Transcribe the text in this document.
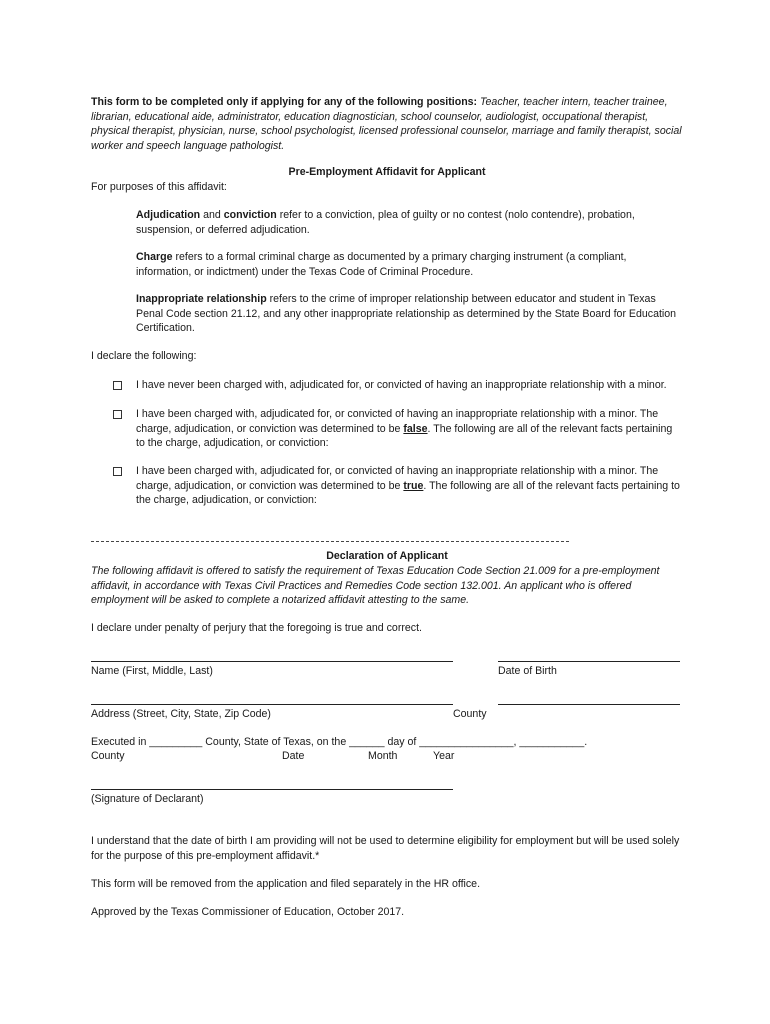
This form to be completed only if applying for any of the following positions: Teacher, teacher intern, teacher trainee, librarian, educational aide, administrator, education diagnostician, school counselor, audiologist, occupational therapist, physical therapist, physician, nurse, school psychologist, licensed professional counselor, marriage and family therapist, social worker and speech language pathologist.
Pre-Employment Affidavit for Applicant
For purposes of this affidavit:
Adjudication and conviction refer to a conviction, plea of guilty or no contest (nolo contendre), probation, suspension, or deferred adjudication.
Charge refers to a formal criminal charge as documented by a primary charging instrument (a compliant, information, or indictment) under the Texas Code of Criminal Procedure.
Inappropriate relationship refers to the crime of improper relationship between educator and student in Texas Penal Code section 21.12, and any other inappropriate relationship as determined by the State Board for Education Certification.
I declare the following:
I have never been charged with, adjudicated for, or convicted of having an inappropriate relationship with a minor.
I have been charged with, adjudicated for, or convicted of having an inappropriate relationship with a minor. The charge, adjudication, or conviction was determined to be false. The following are all of the relevant facts pertaining to the charge, adjudication, or conviction:
I have been charged with, adjudicated for, or convicted of having an inappropriate relationship with a minor. The charge, adjudication, or conviction was determined to be true. The following are all of the relevant facts pertaining to the charge, adjudication, or conviction:
Declaration of Applicant
The following affidavit is offered to satisfy the requirement of Texas Education Code Section 21.009 for a pre-employment affidavit, in accordance with Texas Civil Practices and Remedies Code section 132.001. An applicant who is offered employment will be asked to complete a notarized affidavit attesting to the same.
I declare under penalty of perjury that the foregoing is true and correct.
Name (First, Middle, Last)	Date of Birth
Address (Street, City, State, Zip Code)	County
Executed in _________ County, State of Texas, on the ______ day of ________________, ___________.
County	Date	Month	Year
(Signature of Declarant)
I understand that the date of birth I am providing will not be used to determine eligibility for employment but will be used solely for the purpose of this pre-employment affidavit.*
This form will be removed from the application and filed separately in the HR office.
Approved by the Texas Commissioner of Education, October 2017.
